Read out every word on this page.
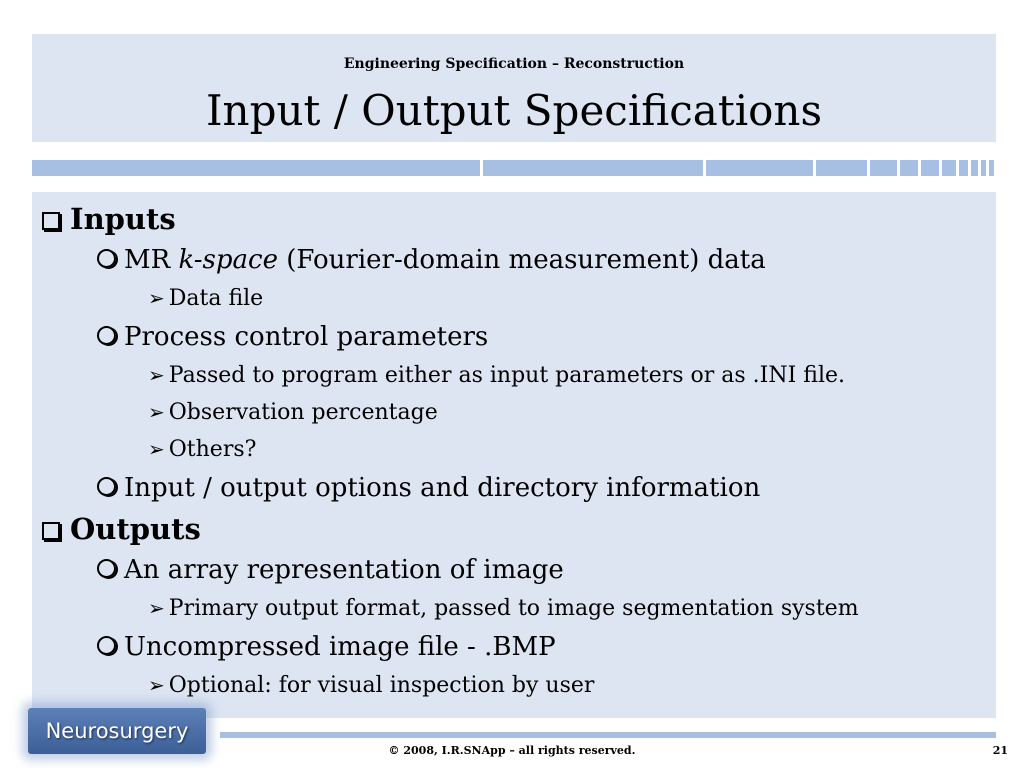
Engineering Specification – Reconstruction
Input / Output Specifications
Inputs
MR k-space (Fourier-domain measurement) data
➢ Data file
Process control parameters
➢ Passed to program either as input parameters or as .INI file.
➢ Observation percentage
➢ Others?
Input / output options and directory information
Outputs
An array representation of image
➢ Primary output format, passed to image segmentation system
Uncompressed image file - .BMP
➢ Optional: for visual inspection by user
Neurosurgery
© 2008, I.R.SNApp – all rights reserved.	21
